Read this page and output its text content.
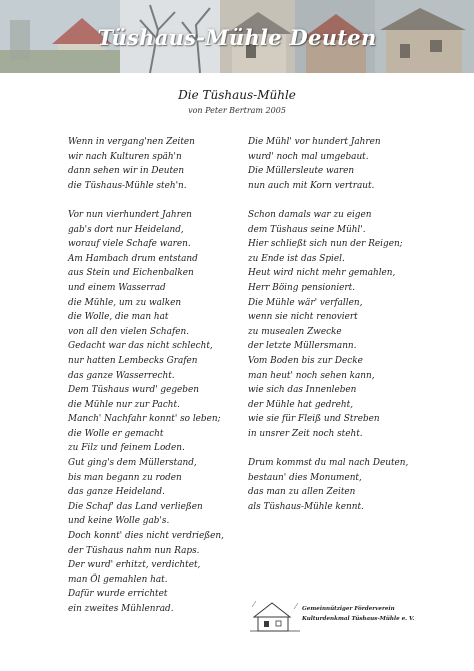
Tüshaus-Mühle Deuten
Die Tüshaus-Mühle
von Peter Bertram 2005
Wenn in vergang'nen Zeiten
wir nach Kulturen späh'n
dann sehen wir in Deuten
die Tüshaus-Mühle steh'n.
Vor nun vierhundert Jahren
gab's dort nur Heideland,
worauf viele Schafe waren.
Am Hambach drum entstand
aus Stein und Eichenbalken
und einem Wasserrad
die Mühle, um zu walken
die Wolle, die man hat
von all den vielen Schafen.
Gedacht war das nicht schlecht,
nur hatten Lembecks Grafen
das ganze Wasserrecht.
Dem Tüshaus wurd' gegeben
die Mühle nur zur Pacht.
Manch' Nachfahr konnt' so leben;
die Wolle er gemacht
zu Filz und feinem Loden.
Gut ging's dem Müllerstand,
bis man begann zu roden
das ganze Heideland.
Die Schaf' das Land verließen
und keine Wolle gab's.
Doch konnt' dies nicht verdrießen,
der Tüshaus nahm nun Raps.
Der wurd' erhitzt, verdichtet,
man Öl gemahlen hat.
Dafür wurde errichtet
ein zweites Mühlenrad.
Die Mühl' vor hundert Jahren
wurd' noch mal umgebaut.
Die Müllersleute waren
nun auch mit Korn vertraut.
Schon damals war zu eigen
dem Tüshaus seine Mühl'.
Hier schließt sich nun der Reigen;
zu Ende ist das Spiel.
Heut wird nicht mehr gemahlen,
Herr Böing pensioniert.
Die Mühle wär' verfallen,
wenn sie nicht renoviert
zu musealen Zwecke
der letzte Müllersmann.
Vom Boden bis zur Decke
man heut' noch sehen kann,
wie sich das Innenleben
der Mühle hat gedreht,
wie sie für Fleiß und Streben
in unsrer Zeit noch steht.
Drum kommst du mal nach Deuten,
bestaun' dies Monument,
das man zu allen Zeiten
als Tüshaus-Mühle kennt.
Gemeinnütziger Förderverein
Kulturdenkmal Tüshaus-Mühle e. V.
